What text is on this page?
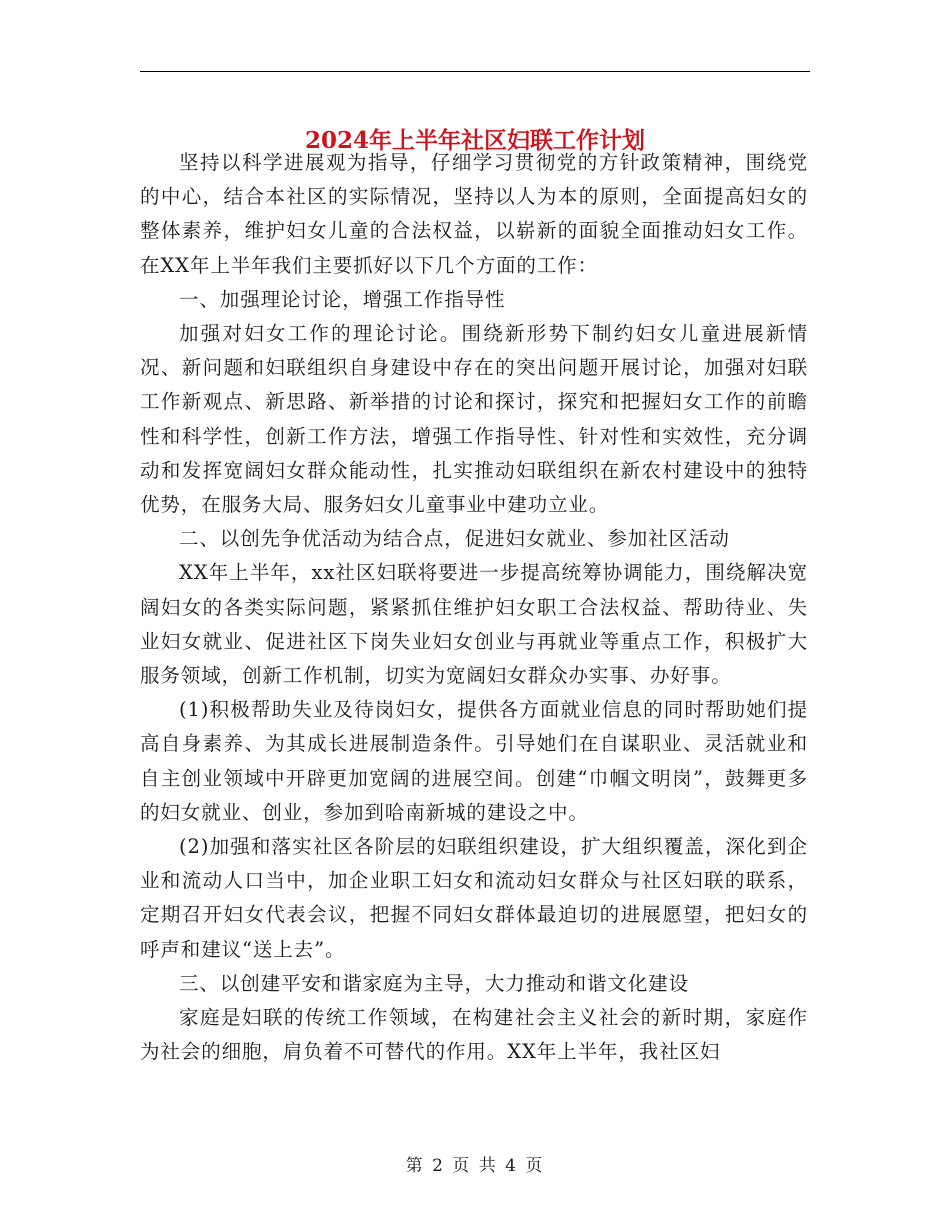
2024年上半年社区妇联工作计划

坚持以科学进展观为指导，仔细学习贯彻党的方针政策精神，围绕党的中心，结合本社区的实际情况，坚持以人为本的原则，全面提高妇女的整体素养，维护妇女儿童的合法权益，以崭新的面貌全面推动妇女工作。在XX年上半年我们主要抓好以下几个方面的工作：

一、加强理论讨论，增强工作指导性

加强对妇女工作的理论讨论。围绕新形势下制约妇女儿童进展新情况、新问题和妇联组织自身建设中存在的突出问题开展讨论，加强对妇联工作新观点、新思路、新举措的讨论和探讨，探究和把握妇女工作的前瞻性和科学性，创新工作方法，增强工作指导性、针对性和实效性，充分调动和发挥宽阔妇女群众能动性，扎实推动妇联组织在新农村建设中的独特优势，在服务大局、服务妇女儿童事业中建功立业。

二、以创先争优活动为结合点，促进妇女就业、参加社区活动

XX年上半年，xx社区妇联将要进一步提高统筹协调能力，围绕解决宽阔妇女的各类实际问题，紧紧抓住维护妇女职工合法权益、帮助待业、失业妇女就业、促进社区下岗失业妇女创业与再就业等重点工作，积极扩大服务领域，创新工作机制，切实为宽阔妇女群众办实事、办好事。

(1)积极帮助失业及待岗妇女，提供各方面就业信息的同时帮助她们提高自身素养、为其成长进展制造条件。引导她们在自谋职业、灵活就业和自主创业领域中开辟更加宽阔的进展空间。创建“巾帼文明岗”，鼓舞更多的妇女就业、创业，参加到哈南新城的建设之中。

(2)加强和落实社区各阶层的妇联组织建设，扩大组织覆盖，深化到企业和流动人口当中，加企业职工妇女和流动妇女群众与社区妇联的联系，定期召开妇女代表会议，把握不同妇女群体最迫切的进展愿望，把妇女的呼声和建议“送上去”。

三、以创建平安和谐家庭为主导，大力推动和谐文化建设

家庭是妇联的传统工作领域，在构建社会主义社会的新时期，家庭作为社会的细胞，肩负着不可替代的作用。XX年上半年，我社区妇

第 2 页 共 4 页
